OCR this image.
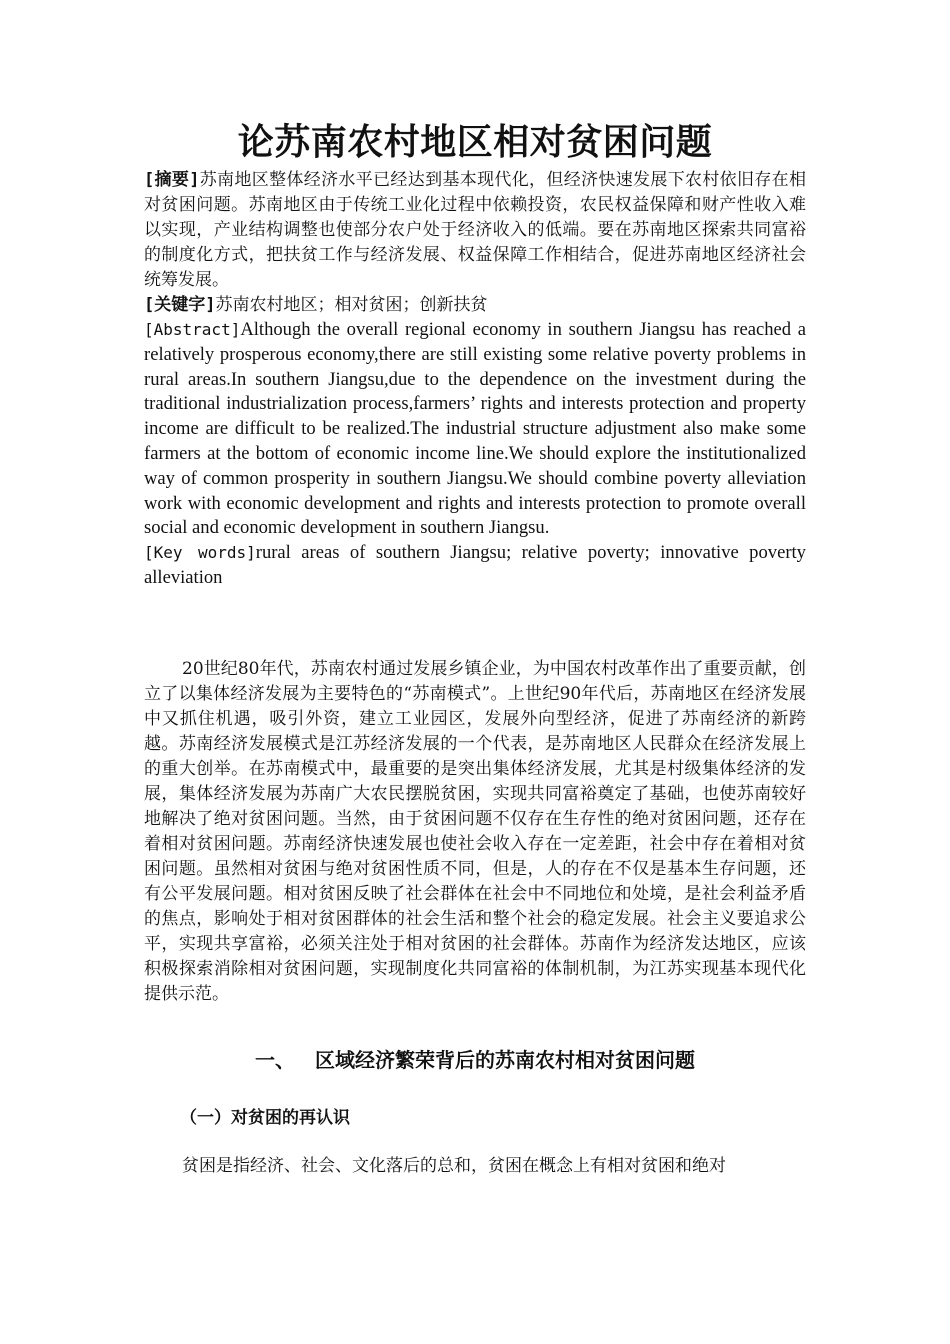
论苏南农村地区相对贫困问题

[摘要]苏南地区整体经济水平已经达到基本现代化，但经济快速发展下农村依旧存在相对贫困问题。苏南地区由于传统工业化过程中依赖投资，农民权益保障和财产性收入难以实现，产业结构调整也使部分农户处于经济收入的低端。要在苏南地区探索共同富裕的制度化方式，把扶贫工作与经济发展、权益保障工作相结合，促进苏南地区经济社会统筹发展。

[关键字]苏南农村地区；相对贫困；创新扶贫

[Abstract]Although the overall regional economy in southern Jiangsu has reached a relatively prosperous economy,there are still existing some relative poverty problems in rural areas.In southern Jiangsu,due to the dependence on the investment during the traditional industrialization process,farmers’ rights and interests protection and property income are difficult to be realized.The industrial structure adjustment also make some farmers at the bottom of economic income line.We should explore the institutionalized way of common prosperity in southern Jiangsu.We should combine poverty alleviation work with economic development and rights and interests protection to promote overall social and economic development in southern Jiangsu.

[Key words]rural areas of southern Jiangsu; relative poverty; innovative poverty alleviation

20世纪80年代，苏南农村通过发展乡镇企业，为中国农村改革作出了重要贡献，创立了以集体经济发展为主要特色的“苏南模式”。上世纪90年代后，苏南地区在经济发展中又抓住机遇，吸引外资，建立工业园区，发展外向型经济，促进了苏南经济的新跨越。苏南经济发展模式是江苏经济发展的一个代表，是苏南地区人民群众在经济发展上的重大创举。在苏南模式中，最重要的是突出集体经济发展，尤其是村级集体经济的发展，集体经济发展为苏南广大农民摆脱贫困，实现共同富裕奠定了基础，也使苏南较好地解决了绝对贫困问题。当然，由于贫困问题不仅存在生存性的绝对贫困问题，还存在着相对贫困问题。苏南经济快速发展也使社会收入存在一定差距，社会中存在着相对贫困问题。虽然相对贫困与绝对贫困性质不同，但是，人的存在不仅是基本生存问题，还有公平发展问题。相对贫困反映了社会群体在社会中不同地位和处境，是社会利益矛盾的焦点，影响处于相对贫困群体的社会生活和整个社会的稳定发展。社会主义要追求公平，实现共享富裕，必须关注处于相对贫困的社会群体。苏南作为经济发达地区，应该积极探索消除相对贫困问题，实现制度化共同富裕的体制机制，为江苏实现基本现代化提供示范。

一、 区域经济繁荣背后的苏南农村相对贫困问题
（一）对贫困的再认识

贫困是指经济、社会、文化落后的总和，贫困在概念上有相对贫困和绝对
